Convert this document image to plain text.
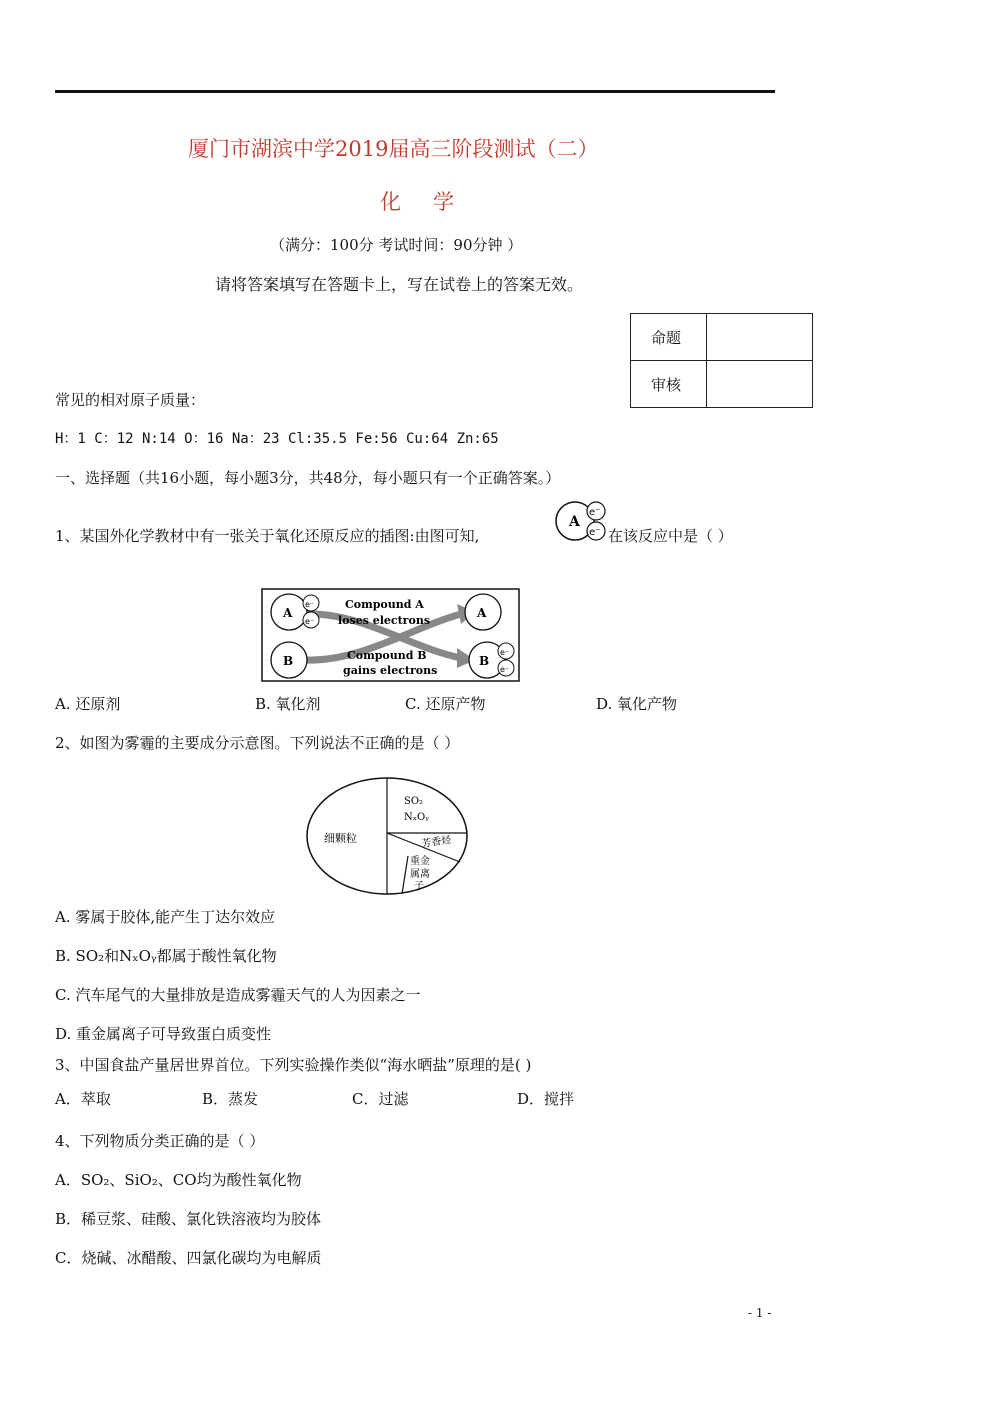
厦门市湖滨中学2019届高三阶段测试（二）
化学
（满分：100分 考试时间：90分钟 ）
请将答案填写在答题卡上，写在试卷上的答案无效。
命题	
审核	
常见的相对原子质量：
H：1 C：12 N:14 O：16 Na：23 Cl:35.5 Fe:56 Cu:64 Zn:65
一、选择题（共16小题，每小题3分，共48分，每小题只有一个正确答案。）
1、某国外化学教材中有一张关于氧化还原反应的插图:由图可知,
A
e⁻
e⁻ 在该反应中是（ ）
A
e⁻
e⁻
B
Compound A
loses electrons
Compound B
gains electrons
A
B
e⁻
e⁻
A. 还原剂	B. 氧化剂	C. 还原产物	D. 氧化产物
2、如图为雾霾的主要成分示意图。下列说法不正确的是（ ）
细颗粒
SO₂
NₓOᵧ
芳香烃
重金
属离
子
A. 雾属于胶体,能产生丁达尔效应
B. SO₂和NₓOᵧ都属于酸性氧化物
C. 汽车尾气的大量排放是造成雾霾天气的人为因素之一
D. 重金属离子可导致蛋白质变性
3、中国食盐产量居世界首位。下列实验操作类似“海水晒盐”原理的是( )
A．萃取	B．蒸发	C．过滤	D．搅拌
4、下列物质分类正确的是（ ）
A．SO₂、SiO₂、CO均为酸性氧化物
B．稀豆浆、硅酸、氯化铁溶液均为胶体
C．烧碱、冰醋酸、四氯化碳均为电解质
- 1 -
